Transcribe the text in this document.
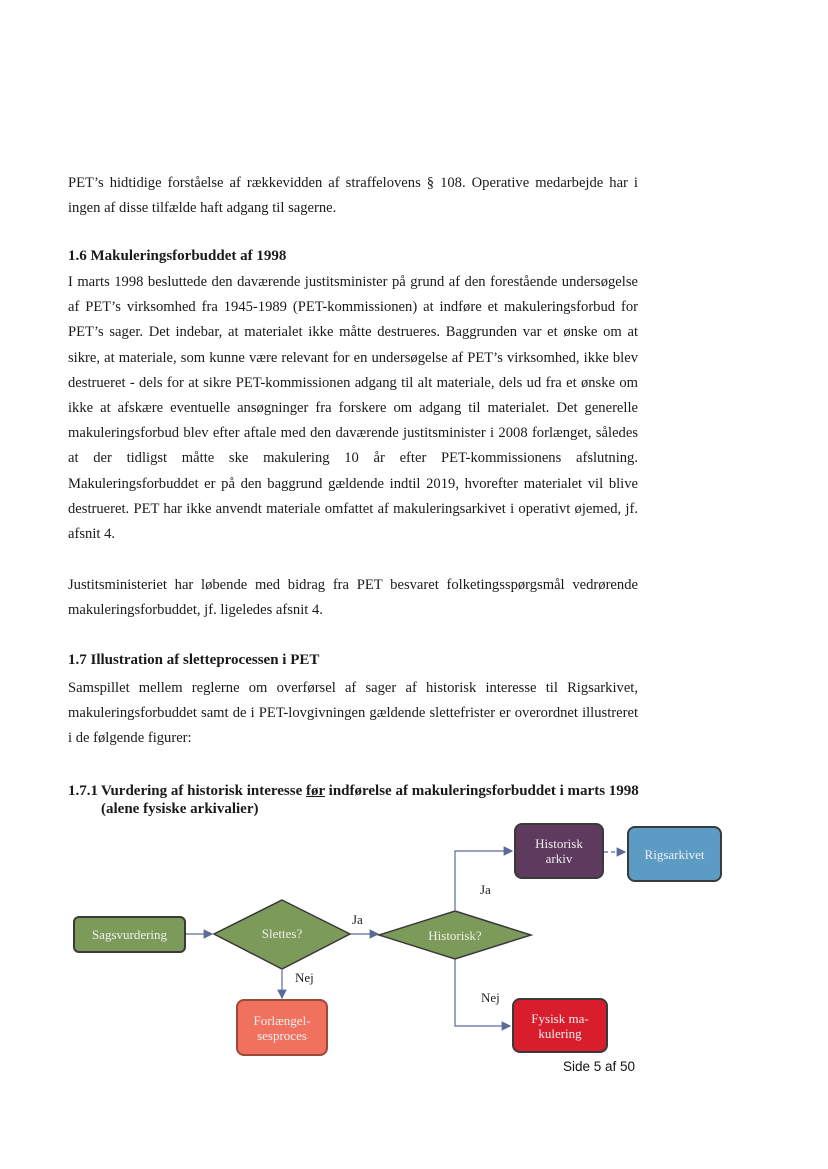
PET’s hidtidige forståelse af rækkevidden af straffelovens § 108. Operative medarbejde har i ingen af disse tilfælde haft adgang til sagerne.

1.6 Makuleringsforbuddet af 1998

I marts 1998 besluttede den daværende justitsminister på grund af den forestående undersøgelse af PET’s virksomhed fra 1945-1989 (PET-kommissionen) at indføre et makuleringsforbud for PET’s sager. Det indebar, at materialet ikke måtte destrueres. Baggrunden var et ønske om at sikre, at materiale, som kunne være relevant for en undersøgelse af PET’s virksomhed, ikke blev destrueret - dels for at sikre PET-kommissionen adgang til alt materiale, dels ud fra et ønske om ikke at afskære eventuelle ansøgninger fra forskere om adgang til materialet. Det generelle makuleringsforbud blev efter aftale med den daværende justitsminister i 2008 forlænget, således at der tidligst måtte ske makulering 10 år efter PET-kommissionens afslutning. Makuleringsforbuddet er på den baggrund gældende indtil 2019, hvorefter materialet vil blive destrueret. PET har ikke anvendt materiale omfattet af makuleringsarkivet i operativt øjemed, jf. afsnit 4.

Justitsministeriet har løbende med bidrag fra PET besvaret folketingsspørgsmål vedrørende makuleringsforbuddet, jf. ligeledes afsnit 4.

1.7 Illustration af sletteprocessen i PET

Samspillet mellem reglerne om overførsel af sager af historisk interesse til Rigsarkivet, makuleringsforbuddet samt de i PET-lovgivningen gældende slettefrister er overordnet illustreret i de følgende figurer:

1.7.1 Vurdering af historisk interesse før indførelse af makuleringsforbuddet i marts 1998
(alene fysiske arkivalier)
Slettes?	Historisk?
Sagsvurdering
Historisk
arkiv	Rigsarkivet
Forlængel-
sesproces
Fysisk ma-
kulering
Ja
Nej
Ja
Nej
Side 5 af 50
